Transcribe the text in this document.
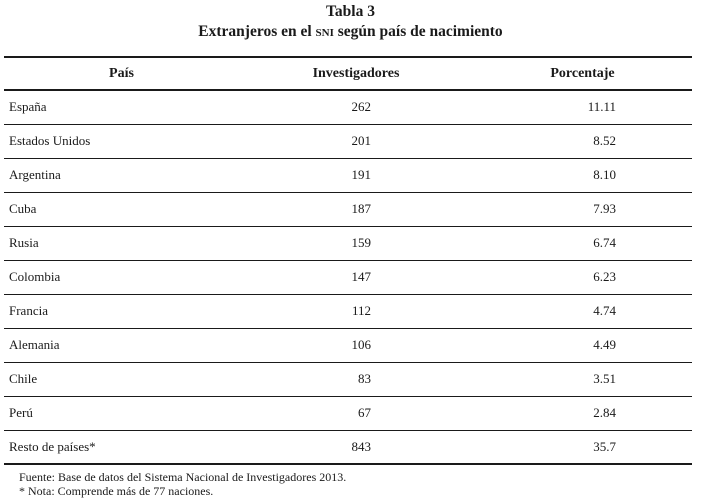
Tabla 3
Extranjeros en el sni según país de nacimiento
País	Investigadores	Porcentaje
España	262	11.11
Estados Unidos	201	8.52
Argentina	191	8.10
Cuba	187	7.93
Rusia	159	6.74
Colombia	147	6.23
Francia	112	4.74
Alemania	106	4.49
Chile	83	3.51
Perú	67	2.84
Resto de países*	843	35.7
Fuente: Base de datos del Sistema Nacional de Investigadores 2013.
* Nota: Comprende más de 77 naciones.
